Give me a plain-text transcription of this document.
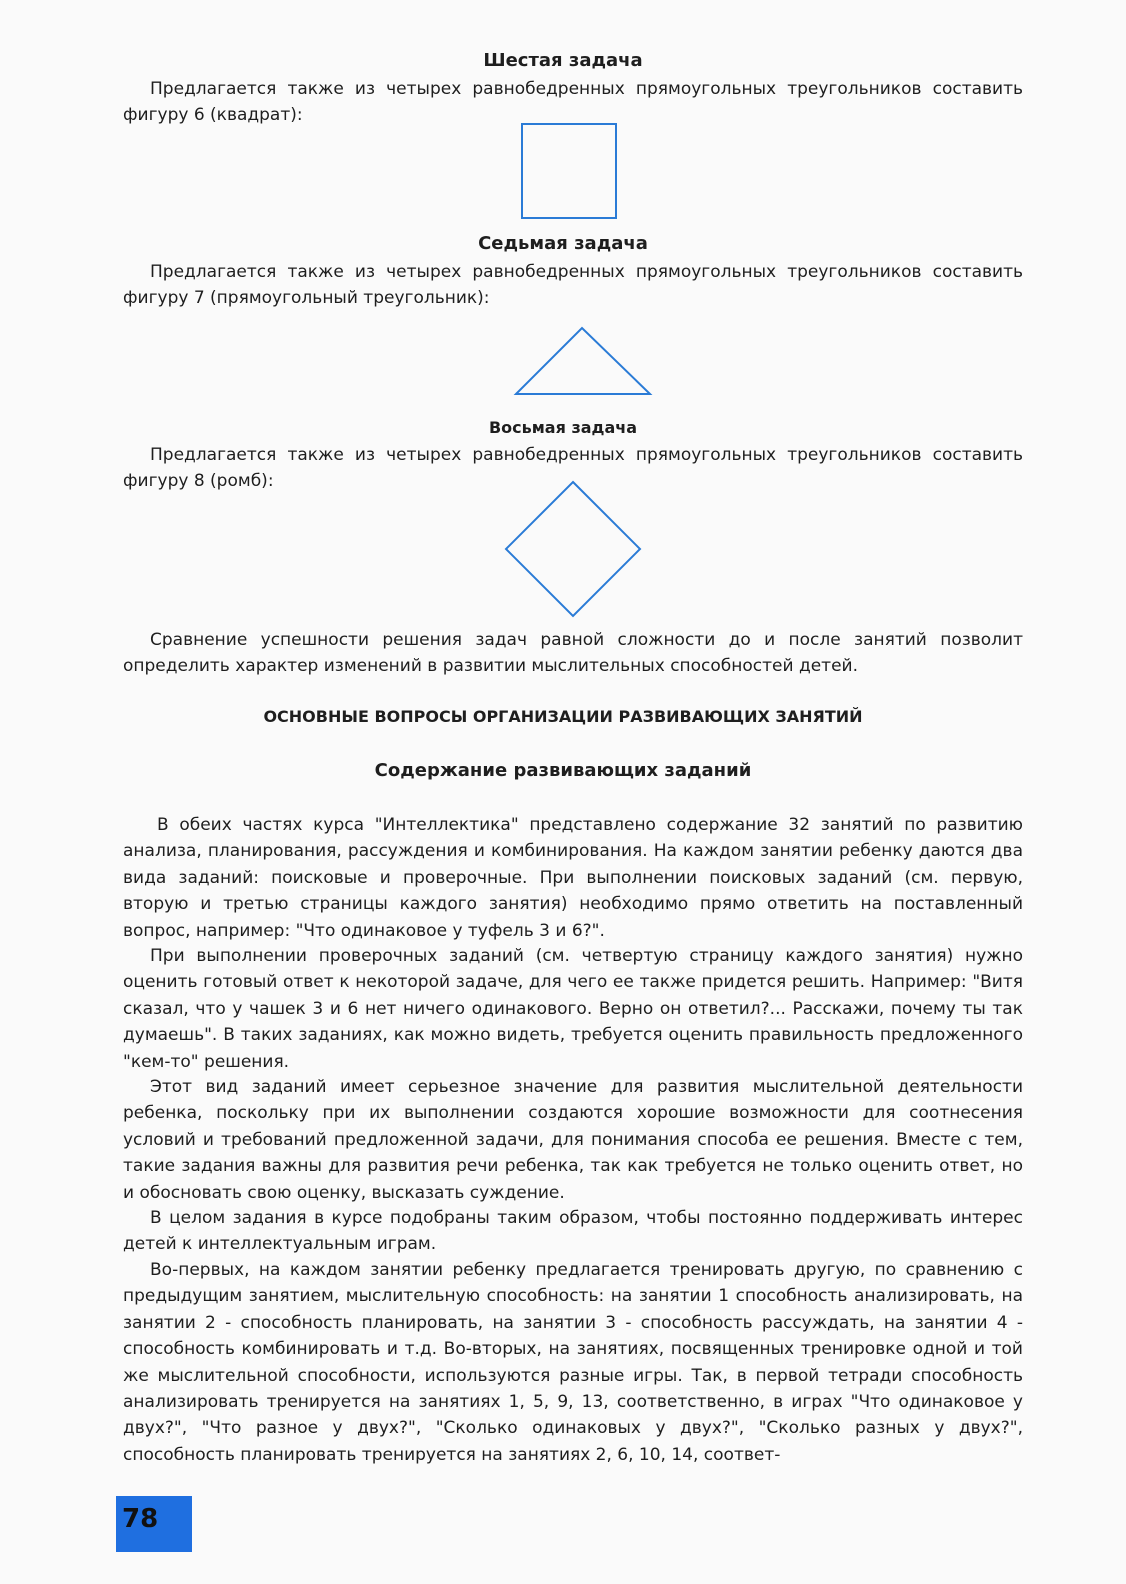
Шестая задача

Предлагается также из четырех равнобедренных прямоугольных треугольников составить фигуру 6 (квадрат):

Седьмая задача

Предлагается также из четырех равнобедренных прямоугольных треугольников составить фигуру 7 (прямоугольный треугольник):

Восьмая задача

Предлагается также из четырех равнобедренных прямоугольных треугольников составить фигуру 8 (ромб):

Сравнение успешности решения задач равной сложности до и после занятий позволит определить характер изменений в развитии мыслительных способностей детей.

ОСНОВНЫЕ ВОПРОСЫ ОРГАНИЗАЦИИ РАЗВИВАЮЩИХ ЗАНЯТИЙ
Содержание развивающих заданий

В обеих частях курса "Интеллектика" представлено содержание 32 занятий по развитию анализа, планирования, рассуждения и комбинирования. На каждом занятии ребенку даются два вида заданий: поисковые и проверочные. При выполнении поисковых заданий (см. первую, вторую и третью страницы каждого занятия) необходимо прямо ответить на поставленный вопрос, например: "Что одинаковое у туфель 3 и 6?".

При выполнении проверочных заданий (см. четвертую страницу каждого занятия) нужно оценить готовый ответ к некоторой задаче, для чего ее также придется решить. Например: "Витя сказал, что у чашек 3 и 6 нет ничего одинакового. Верно он ответил?... Расскажи, почему ты так думаешь". В таких заданиях, как можно видеть, требуется оценить правильность предложенного "кем-то" решения.

Этот вид заданий имеет серьезное значение для развития мыслительной деятельности ребенка, поскольку при их выполнении создаются хорошие возможности для соотнесения условий и требований предложенной задачи, для понимания способа ее решения. Вместе с тем, такие задания важны для развития речи ребенка, так как требуется не только оценить ответ, но и обосновать свою оценку, высказать суждение.

В целом задания в курсе подобраны таким образом, чтобы постоянно поддерживать интерес детей к интеллектуальным играм.

Во-первых, на каждом занятии ребенку предлагается тренировать другую, по сравнению с предыдущим занятием, мыслительную способность: на занятии 1 способность анализировать, на занятии 2 - способность планировать, на занятии 3 - способность рассуждать, на занятии 4 - способность комбинировать и т.д. Во-вторых, на занятиях, посвященных тренировке одной и той же мыслительной способности, используются разные игры. Так, в первой тетради способность анализировать тренируется на занятиях 1, 5, 9, 13, соответственно, в играх "Что одинаковое у двух?", "Что разное у двух?", "Сколько одинаковых у двух?", "Сколько разных у двух?", способность планировать тренируется на занятиях 2, 6, 10, 14, соответ-

78
